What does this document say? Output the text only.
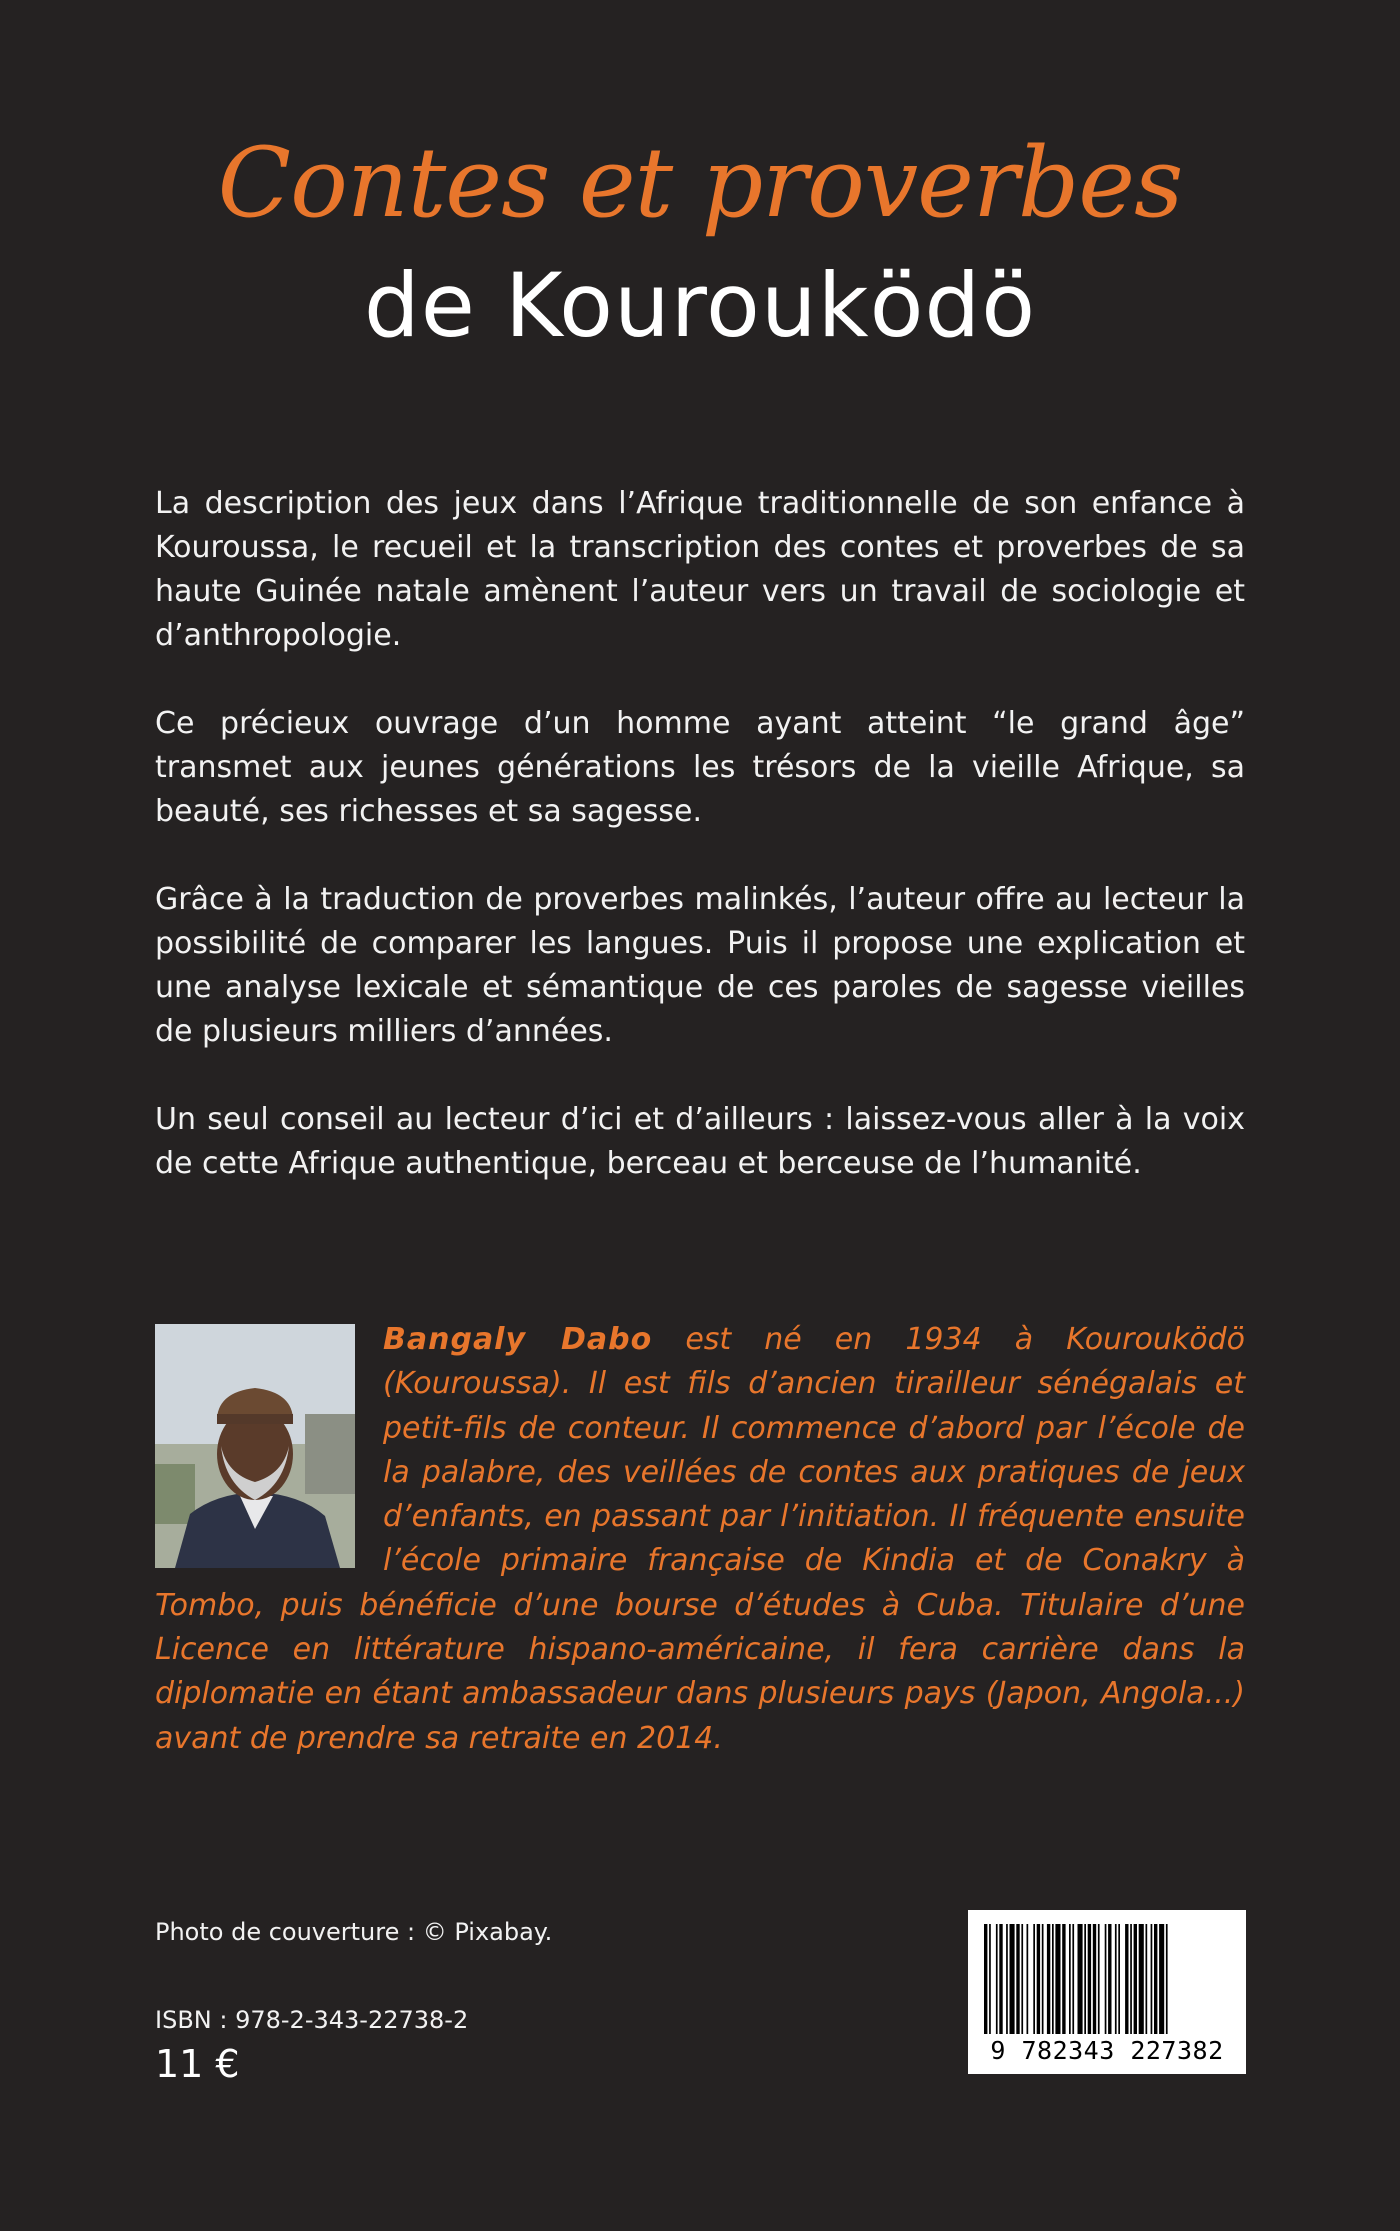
Contes et proverbes
de Kouroukӧdӧ

La description des jeux dans l’Afrique traditionnelle de son enfance à Kouroussa, le recueil et la transcription des contes et proverbes de sa haute Guinée natale amènent l’auteur vers un travail de sociologie et d’anthropologie.

Ce précieux ouvrage d’un homme ayant atteint “le grand âge” transmet aux jeunes générations les trésors de la vieille Afrique, sa beauté, ses richesses et sa sagesse.

Grâce à la traduction de proverbes malinkés, l’auteur offre au lecteur la possibilité de comparer les langues. Puis il propose une explication et une analyse lexicale et sémantique de ces paroles de sagesse vieilles de plusieurs milliers d’années.

Un seul conseil au lecteur d’ici et d’ailleurs : laissez-vous aller à la voix de cette Afrique authentique, berceau et berceuse de l’humanité.

Bangaly Dabo est né en 1934 à Kouroukӧdӧ (Kouroussa). Il est fils d’ancien tirailleur sénégalais et petit-fils de conteur. Il commence d’abord par l’école de la palabre, des veillées de contes aux pratiques de jeux d’enfants, en passant par l’initiation. Il fréquente ensuite l’école primaire française de Kindia et de Conakry à Tombo, puis bénéficie d’une bourse d’études à Cuba. Titulaire d’une Licence en littérature hispano-américaine, il fera carrière dans la diplomatie en étant ambassadeur dans plusieurs pays (Japon, Angola...) avant de prendre sa retraite en 2014.
Photo de couverture : © Pixabay.
ISBN : 978-2-343-22738-2
11 €	9 782343 227382
